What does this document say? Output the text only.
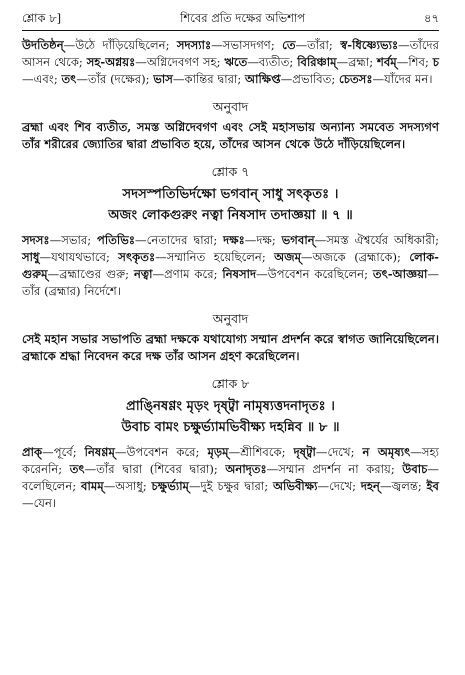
শ্লোক ৮]	শিবের প্রতি দক্ষের অভিশাপ	৪৭

উদতিষ্ঠন্—উঠে দাঁড়িয়েছিলেন; সদস্যাঃ—সভাসদগণ; তে—তাঁরা; স্ব-ধিষ্ণ্যেভ্যঃ—তাঁদের আসন থেকে; সহ-অগ্নয়ঃ—অগ্নিদেবগণ সহ; ঋতে—ব্যতীত; বিরিঞ্চাম্—ব্রহ্মা; শর্বম্—শিব; চ—এবং; তৎ—তাঁর (দক্ষের); ভাস—কান্তির দ্বারা; আক্ষিপ্ত—প্রভাবিত; চেতসঃ—যাঁদের মন।

অনুবাদ

ব্রহ্মা এবং শিব ব্যতীত, সমস্ত অগ্নিদেবগণ এবং সেই মহাসভায় অন্যান্য সমবেত সদস্যগণ তাঁর শরীরের জ্যোতির দ্বারা প্রভাবিত হয়ে, তাঁদের আসন থেকে উঠে দাঁড়িয়েছিলেন।

শ্লোক ৭

সদসস্পতিভির্দক্ষো ভগবান্ সাধু সৎকৃতঃ ।

অজং লোকগুরুং নত্বা নিষসাদ তদাজ্ঞয়া ॥ ৭ ॥

সদসঃ—সভার; পতিভিঃ—নেতাদের দ্বারা; দক্ষঃ—দক্ষ; ভগবান্—সমস্ত ঐশ্বর্যের অধিকারী; সাধু—যথাযথভাবে; সৎকৃতঃ—সম্মানিত হয়েছিলেন; অজম্—অজকে (ব্রহ্মাকে); লোক-গুরুম্—ব্রহ্মাণ্ডের গুরু; নত্বা—প্রণাম করে; নিষসাদ—উপবেশন করেছিলেন; তৎ-আজ্ঞয়া—তাঁর (ব্রহ্মার) নির্দেশে।

অনুবাদ

সেই মহান সভার সভাপতি ব্রহ্মা দক্ষকে যথাযোগ্য সম্মান প্রদর্শন করে স্বাগত জানিয়েছিলেন। ব্রহ্মাকে শ্রদ্ধা নিবেদন করে দক্ষ তাঁর আসন গ্রহণ করেছিলেন।

শ্লোক ৮

প্রাঙ্নিষণ্ণং মৃড়ং দৃষ্ট্বা নামৃষ্যত্তদনাদৃতঃ ।

উবাচ বামং চক্ষুর্ভ্যামভিবীক্ষ্য দহন্নিব ॥ ৮ ॥

প্রাক্—পূর্বে; নিষণ্ণম্—উপবেশন করে; মৃড়ম্—শ্রীশিবকে; দৃষ্ট্বা—দেখে; ন অমৃষ্যৎ—সহ্য করেননি; তৎ—তাঁর দ্বারা (শিবের দ্বারা); অনাদৃতঃ—সম্মান প্রদর্শন না করায়; উবাচ—বলেছিলেন; বামম্—অসাধু; চক্ষুর্ভ্যাম্—দুই চক্ষুর দ্বারা; অভিবীক্ষ্য—দেখে; দহন্—জ্বলন্ত; ইব—যেন।
